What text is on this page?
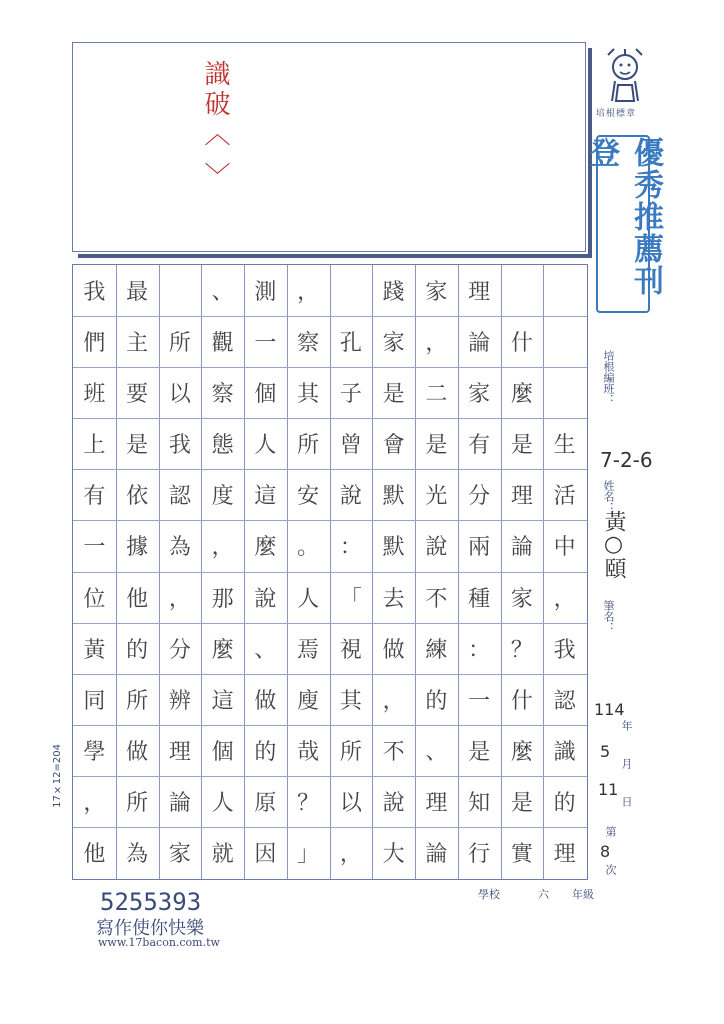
識破〈 〉	培根標章
優秀推薦刊登
培根編班：
7-2-6
姓名：
黃○頤
筆名：
114
年
5
月
11
日
第
8
次
生
活
中
，
我
認
識
的
理
什
麼
是
理
論
家
？
什
麼
是
實
理
論
家
有
分
兩
種
：
一
是
知
行
家
，
二
是
光
說
不
練
的
、
理
論
踐
家
是
會
默
默
去
做
，
不
說
大
孔
子
曾
說
：
「
視
其
所
以
，
，
察
其
所
安
。
人
焉
廋
哉
？
」
測
一
個
人
這
麼
說
、
做
的
原
因
、
觀
察
態
度
，
那
麼
這
個
人
就
所
以
我
認
為
，
分
辨
理
論
家
最
主
要
是
依
據
他
的
所
做
所
為
我
們
班
上
有
一
位
黃
同
學
，
他
17×12=204
5255393
寫作使你快樂
www.17bacon.com.tw
學校	年級
六
